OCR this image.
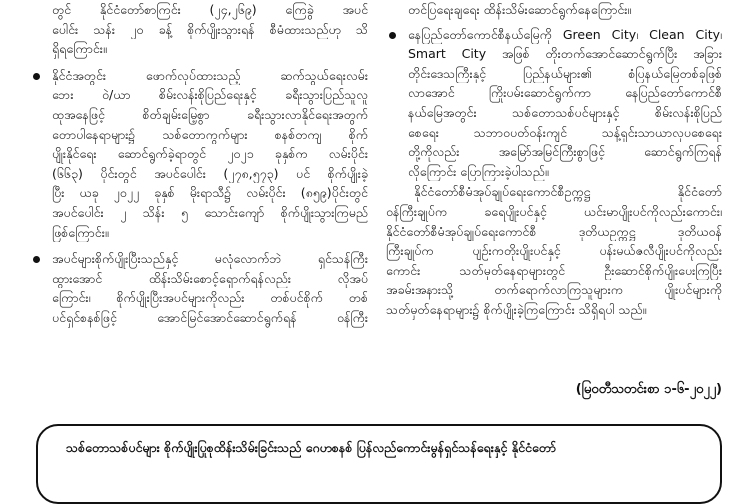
တွင် နိုင်ငံတော်စာကြင်း (၂၄,၂၆၉) ကြေခွဲ အပင်
ပေါင်း သန်း ၂၀ ခန့် စိုက်ပျိုးသွားရန် စီမံထားသည်ဟု သိ
ရှိရကြောင်း။
နိုင်ငံအတွင်း ဖောက်လုပ်ထားသည့် ဆက်သွယ်ရေးလမ်း
ဘေး ဝဲ/ယာ စိမ်းလန်းစိုပြည်ရေးနှင့် ခရီးသွားပြည်သူလူ
ထုအနေဖြင့် စိတ်ချမ်းမြေ့စွာ ခရီးသွားလာနိုင်ရေးအတွက်
တောပါနေရာများ၌ သစ်တောကွက်များ စနစ်တကျ စိုက်
ပျိုးနိုင်ရေး ဆောင်ရွက်ခဲ့ရာတွင် ၂၀၂၁ ခုနှစ်က လမ်းပိုင်း
(၆၆၃) ပိုင်းတွင် အပင်ပေါင်း (၂၇၈,၅၇၃) ပင် စိုက်ပျိုးခဲ့
ပြီး ယခု ၂၀၂၂ ခုနှစ် မိုးရာသီ၌ လမ်းပိုင်း (၈၅၉)ပိုင်းတွင်
အပင်ပေါင်း ၂ သိန်း ၅ သောင်းကျော် စိုက်ပျိုးသွားကြမည်
ဖြစ်ကြောင်း။
အပင်များစိုက်ပျိုးပြီးသည်နှင့် မလုံလောက်ဘဲ ရှင်သန်ကြီး
ထွားအောင် ထိန်းသိမ်းစောင့်ရှောက်ရန်လည်း လိုအပ်
ကြောင်း၊ စိုက်ပျိုးပြီးအပင်များကိုလည်း တစ်ပင်စိုက် တစ်
ပင်ရှင်စနစ်ဖြင့် အောင်မြင်အောင်ဆောင်ရွက်ရန် ဝန်ကြီး
တင်ပြရေးချရေး ထိန်းသိမ်းဆောင်ရွက်နေကြောင်း။
နေပြည်တော်ကောင်စီနယ်မြေကို Green City၊ Clean City၊
Smart City အဖြစ် တိုးတက်အောင်ဆောင်ရွက်ပြီး အခြား
တိုင်းဒေသကြီးနှင့် ပြည်နယ်များ၏ စံပြနယ်မြေတစ်ခုဖြစ်
လာအောင် ကြိုးပမ်းဆောင်ရွက်ကာ နေပြည်တော်ကောင်စီ
နယ်မြေအတွင်း သစ်တောသစ်ပင်များနှင့် စိမ်းလန်းစိုပြည်
စေရေး သဘာဝပတ်ဝန်းကျင် သန့်ရှင်းသာယာလှပစေရေး
တို့ကိုလည်း အမြော်အမြင်ကြီးစွာဖြင့် ဆောင်ရွက်ကြရန်
လိုကြောင်း ပြောကြားခဲ့ပါသည်။
နိုင်ငံတော်စီမံအုပ်ချုပ်ရေးကောင်စီဥက္ကဋ္ဌ နိုင်ငံတော်
ဝန်ကြီးချုပ်က ခရေပျိုးပင်နှင့် ယင်းမာပျိုးပင်ကိုလည်းကောင်း၊
နိုင်ငံတော်စီမံအုပ်ချုပ်ရေးကောင်စီ ဒုတိယဥက္ကဋ္ဌ ဒုတိယဝန်
ကြီးချုပ်က ပျဉ်းကတိုးပျိုးပင်နှင့် ပန်းမယ်ဇလီပျိုးပင်ကိုလည်း
ကောင်း သတ်မှတ်နေရာများတွင် ဦးဆောင်စိုက်ပျိုးပေးကြပြီး
အခမ်းအနားသို့ တက်ရောက်လာကြသူများက ပျိုးပင်များကို
သတ်မှတ်နေရာများ၌ စိုက်ပျိုးခဲ့ကြကြောင်း သိရှိရပါ သည်။
(မြဝတီသတင်းစာ ၁-၆-၂၀၂၂)
သစ်တောသစ်ပင်များ စိုက်ပျိုးပြုစုထိန်းသိမ်းခြင်းသည် ဂေဟစနစ် ပြန်လည်ကောင်းမွန်ရှင်သန်ရေးနှင့် နိုင်ငံတော်
